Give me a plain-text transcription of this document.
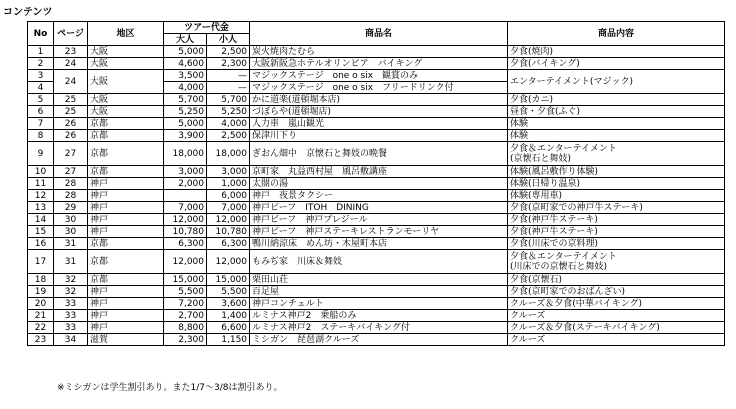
コンテンツ
No	ページ	地区	ツアー代金		商品名	商品内容
			大人	小人		
1	23	大阪	5,000	2,500	炭火焼肉たむら	夕食(焼肉)
2	24	大阪	4,600	2,300	大阪新阪急ホテルオリンピア　バイキング	夕食(バイキング)
3	24	大阪	3,500	—	マジックステージ　one o six　観賞のみ	エンターテイメント(マジック)
4			4,000	—	マジックステージ　one o six　フリードリンク付	
5	25	大阪	5,700	5,700	かに道楽(道頓堀本店)	夕食(カニ)
6	25	大阪	5,250	5,250	づぼらや(道頓堀店)	昼食・夕食(ふぐ)
7	26	京都	5,000	4,000	人力車　嵐山観光	体験
8	26	京都	3,900	2,500	保津川下り	体験
9	27	京都	18,000	18,000	ぎおん畑中　京懐石と舞妓の晩餐	夕食＆エンターテイメント
(京懐石と舞妓)
10	27	京都	3,000	3,000	京町家　丸益西村屋　風呂敷講座	体験(風呂敷作り体験)
11	28	神戸	2,000	1,000	太閤の湯	体験(日帰り温泉)
12	28	神戸		6,000	神戸　夜景タクシー	体験(専用車)
13	29	神戸	7,000	7,000	神戸ビーフ　ITOH　DINING	夕食(京町家での神戸牛ステーキ)
14	30	神戸	12,000	12,000	神戸ビーフ　神戸プレジール	夕食(神戸牛ステーキ)
15	30	神戸	10,780	10,780	神戸ビーフ　神戸ステーキレストランモーリヤ	夕食(神戸牛ステーキ)
16	31	京都	6,300	6,300	鴨川納涼床　めん坊・木屋町本店	夕食(川床での京料理)
17	31	京都	12,000	12,000	もみぢ家　川床＆舞妓	夕食＆エンターテイメント
(川床での京懐石と舞妓)
18	32	京都	15,000	15,000	栗田山荘	夕食(京懐石)
19	32	神戸	5,500	5,500	百足屋	夕食(京町家でのおばんざい)
20	33	神戸	7,200	3,600	神戸コンチェルト	クルーズ＆夕食(中華バイキング)
21	33	神戸	2,700	1,400	ルミナス神戸2　乗船のみ	クルーズ
22	33	神戸	8,800	6,600	ルミナス神戸2　ステーキバイキング付	クルーズ＆夕食(ステーキバイキング)
23	34	滋賀	2,300	1,150	ミシガン　琵琶湖クルーズ	クルーズ
※ミシガンは学生割引あり。また1/7～3/8は割引あり。
